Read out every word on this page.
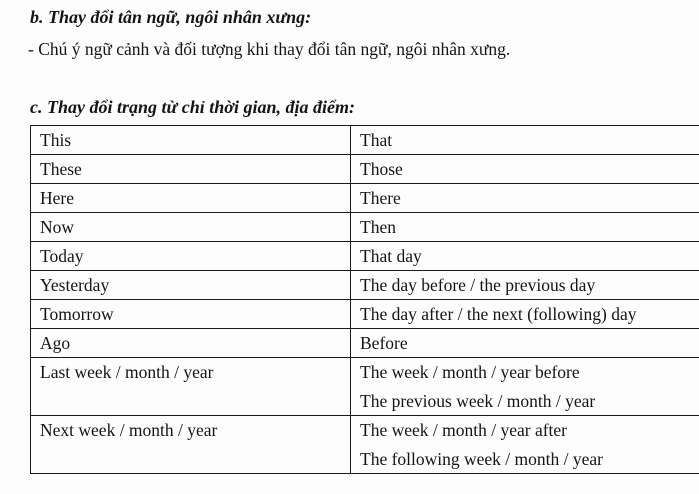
b. Thay đổi tân ngữ, ngôi nhân xưng:
- Chú ý ngữ cảnh và đối tượng khi thay đổi tân ngữ, ngôi nhân xưng.
c. Thay đổi trạng từ chỉ thời gian, địa điểm:
This	That

These	Those

Here	There

Now	Then

Today	That day

Yesterday	The day before / the previous day

Tomorrow	The day after / the next (following) day

Ago	Before

Last week / month / year	The week / month / year before
The previous week / month / year

Next week / month / year	The week / month / year after
The following week / month / year
